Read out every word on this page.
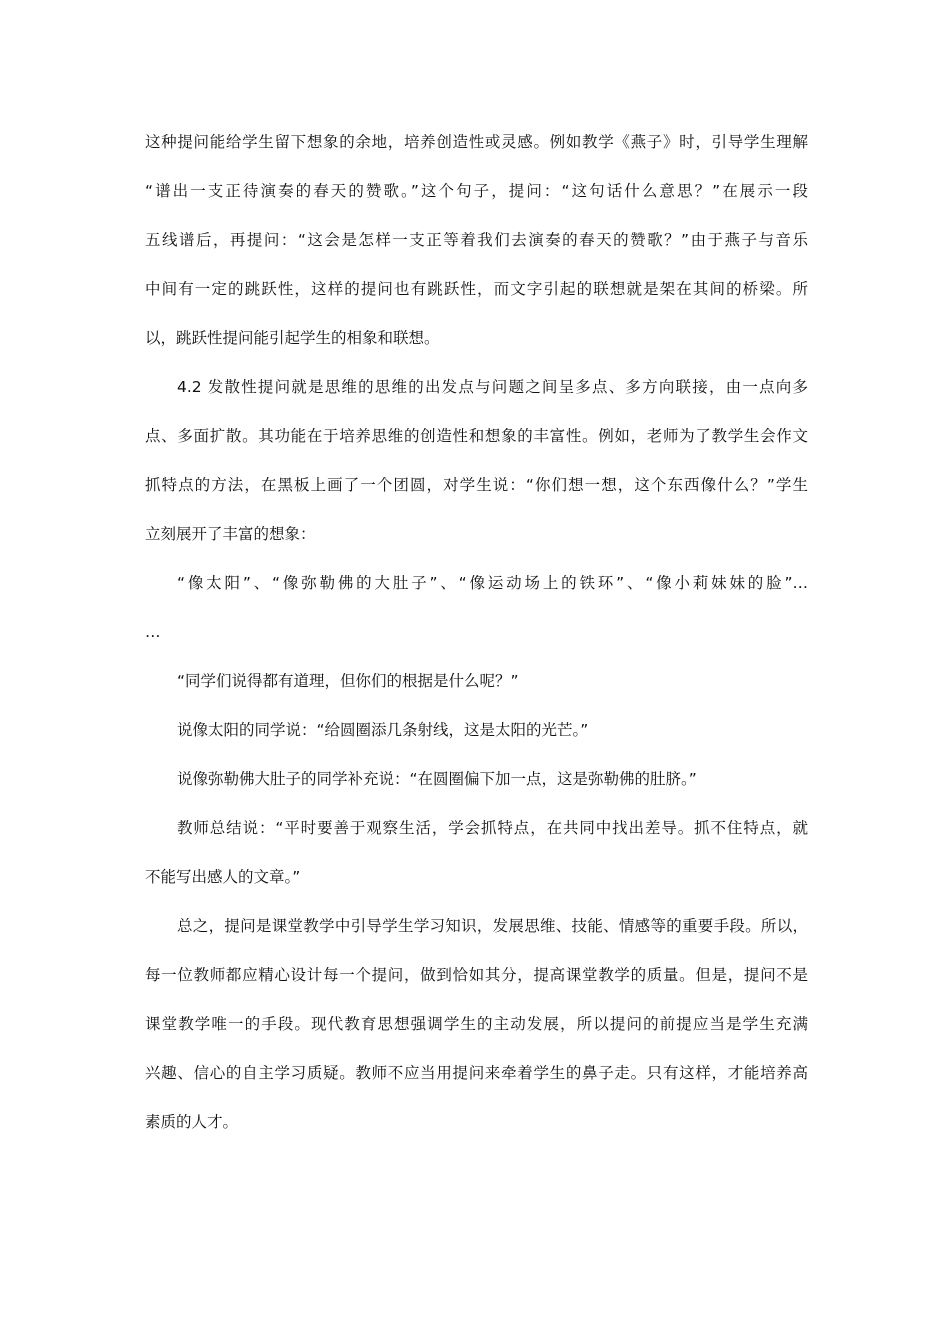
这种提问能给学生留下想象的余地，培养创造性或灵感。例如教学《燕子》时，引导学生理解
“谱出一支正待演奏的春天的赞歌。”这个句子，提问：“这句话什么意思？”在展示一段
五线谱后，再提问：“这会是怎样一支正等着我们去演奏的春天的赞歌？”由于燕子与音乐
中间有一定的跳跃性，这样的提问也有跳跃性，而文字引起的联想就是架在其间的桥梁。所
以，跳跃性提问能引起学生的相象和联想。
4.2 发散性提问就是思维的思维的出发点与问题之间呈多点、多方向联接，由一点向多
点、多面扩散。其功能在于培养思维的创造性和想象的丰富性。例如，老师为了教学生会作文
抓特点的方法，在黑板上画了一个团圆，对学生说：“你们想一想，这个东西像什么？”学生
立刻展开了丰富的想象：
“像太阳”、“像弥勒佛的大肚子”、“像运动场上的铁环”、“像小莉妹妹的脸”…
…
“同学们说得都有道理，但你们的根据是什么呢？”
说像太阳的同学说：“给圆圈添几条射线，这是太阳的光芒。”
说像弥勒佛大肚子的同学补充说：“在圆圈偏下加一点，这是弥勒佛的肚脐。”
教师总结说：“平时要善于观察生活，学会抓特点，在共同中找出差导。抓不住特点，就
不能写出感人的文章。”
总之，提问是课堂教学中引导学生学习知识，发展思维、技能、情感等的重要手段。所以，
每一位教师都应精心设计每一个提问，做到恰如其分，提高课堂教学的质量。但是，提问不是
课堂教学唯一的手段。现代教育思想强调学生的主动发展，所以提问的前提应当是学生充满
兴趣、信心的自主学习质疑。教师不应当用提问来牵着学生的鼻子走。只有这样，才能培养高
素质的人才。
